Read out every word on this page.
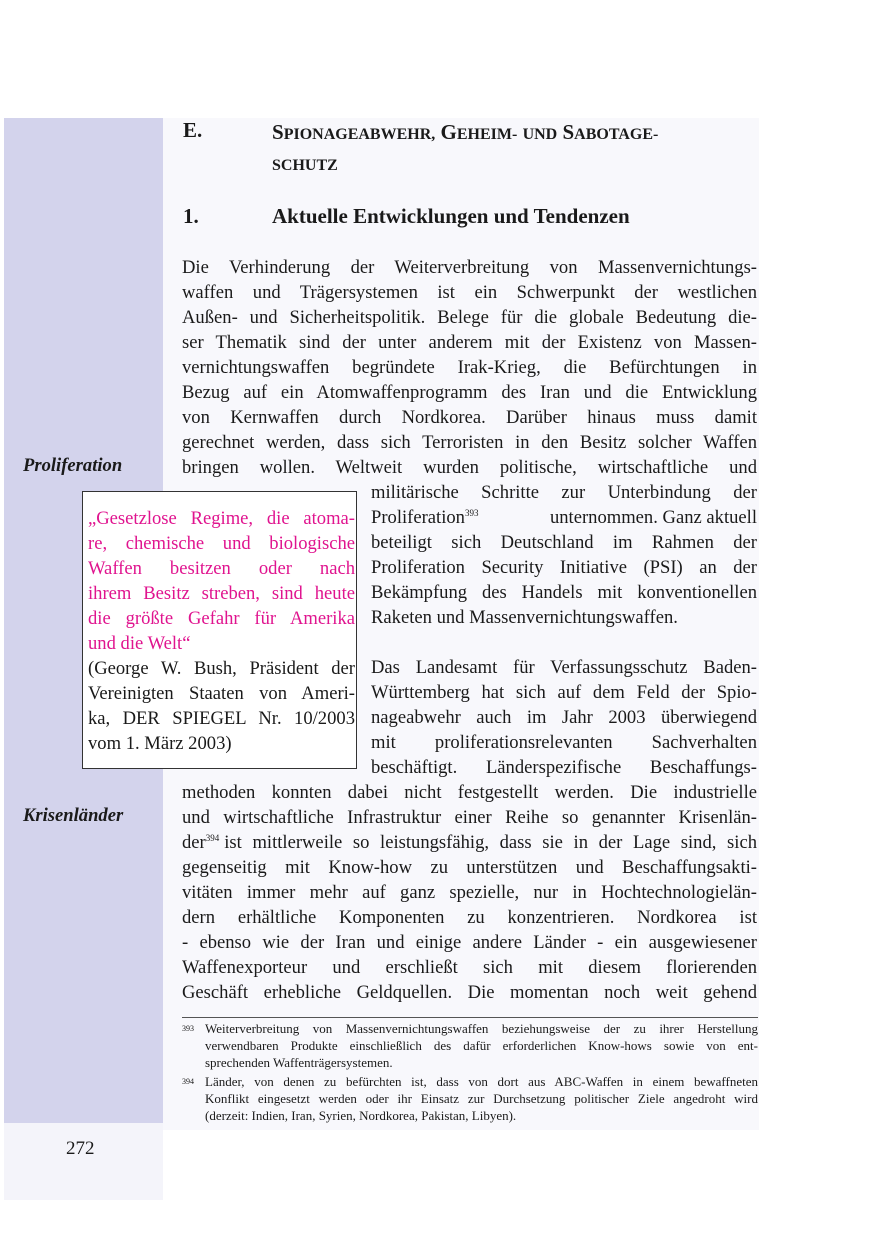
E.	SPIONAGEABWEHR, GEHEIM- UND SABOTAGE-
SCHUTZ
1.	Aktuelle Entwicklungen und Tendenzen
Die Verhinderung der Weiterverbreitung von Massenvernichtungs-
waffen und Trägersystemen ist ein Schwerpunkt der westlichen
Außen- und Sicherheitspolitik. Belege für die globale Bedeutung die-
ser Thematik sind der unter anderem mit der Existenz von Massen-
vernichtungswaffen begründete Irak-Krieg, die Befürchtungen in
Bezug auf ein Atomwaffenprogramm des Iran und die Entwicklung
von Kernwaffen durch Nordkorea. Darüber hinaus muss damit
gerechnet werden, dass sich Terroristen in den Besitz solcher Waffen
bringen wollen. Weltweit wurden politische, wirtschaftliche und
militärische Schritte zur Unterbindung der
Proliferation$^{393}$	unternommen. Ganz aktuell
beteiligt sich Deutschland im Rahmen der
Proliferation Security Initiative (PSI) an der
Bekämpfung des Handels mit konventionellen
Raketen und Massenvernichtungswaffen.
Das Landesamt für Verfassungsschutz Baden-
Württemberg hat sich auf dem Feld der Spio-
nageabwehr auch im Jahr 2003 überwiegend
mit proliferationsrelevanten Sachverhalten
beschäftigt. Länderspezifische Beschaffungs-
methoden konnten dabei nicht festgestellt werden. Die industrielle
und wirtschaftliche Infrastruktur einer Reihe so genannter Krisenlän-
der$^{394}$ ist mittlerweile so leistungsfähig, dass sie in der Lage sind, sich
gegenseitig mit Know-how zu unterstützen und Beschaffungsakti-
vitäten immer mehr auf ganz spezielle, nur in Hochtechnologielän-
dern erhältliche Komponenten zu konzentrieren. Nordkorea ist
- ebenso wie der Iran und einige andere Länder - ein ausgewiesener
Waffenexporteur und erschließt sich mit diesem florierenden
Geschäft erhebliche Geldquellen. Die momentan noch weit gehend
Proliferation
Krisenländer
„Gesetzlose Regime, die atoma-
re, chemische und biologische
Waffen besitzen oder nach
ihrem Besitz streben, sind heute
die größte Gefahr für Amerika
und die Welt“
(George W. Bush, Präsident der
Vereinigten Staaten von Ameri-
ka, DER SPIEGEL Nr. 10/2003
vom 1. März 2003)
393 Weiterverbreitung von Massenvernichtungswaffen beziehungsweise der zu ihrer Herstellung
verwendbaren Produkte einschließlich des dafür erforderlichen Know-hows sowie von ent-
sprechenden Waffenträgersystemen.
394 Länder, von denen zu befürchten ist, dass von dort aus ABC-Waffen in einem bewaffneten
Konflikt eingesetzt werden oder ihr Einsatz zur Durchsetzung politischer Ziele angedroht wird
(derzeit: Indien, Iran, Syrien, Nordkorea, Pakistan, Libyen).
272
